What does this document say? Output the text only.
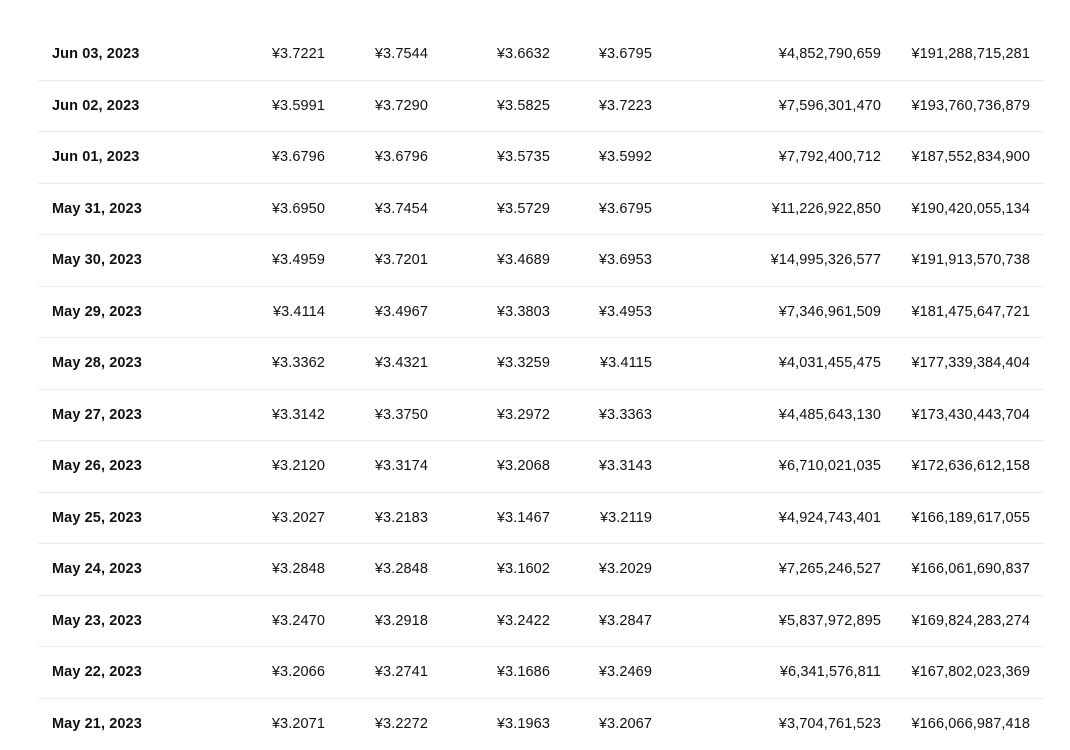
Jun 03, 2023	¥3.7221	¥3.7544	¥3.6632	¥3.6795	¥4,852,790,659 ¥191,288,715,281
Jun 02, 2023	¥3.5991	¥3.7290	¥3.5825	¥3.7223	¥7,596,301,470 ¥193,760,736,879
Jun 01, 2023	¥3.6796	¥3.6796	¥3.5735	¥3.5992	¥7,792,400,712 ¥187,552,834,900
May 31, 2023	¥3.6950	¥3.7454	¥3.5729	¥3.6795	¥11,226,922,850 ¥190,420,055,134
May 30, 2023	¥3.4959	¥3.7201	¥3.4689	¥3.6953	¥14,995,326,577 ¥191,913,570,738
May 29, 2023	¥3.4114	¥3.4967	¥3.3803	¥3.4953	¥7,346,961,509 ¥181,475,647,721
May 28, 2023	¥3.3362	¥3.4321	¥3.3259	¥3.4115	¥4,031,455,475 ¥177,339,384,404
May 27, 2023	¥3.3142	¥3.3750	¥3.2972	¥3.3363	¥4,485,643,130 ¥173,430,443,704
May 26, 2023	¥3.2120	¥3.3174	¥3.2068	¥3.3143	¥6,710,021,035 ¥172,636,612,158
May 25, 2023	¥3.2027	¥3.2183	¥3.1467	¥3.2119	¥4,924,743,401 ¥166,189,617,055
May 24, 2023	¥3.2848	¥3.2848	¥3.1602	¥3.2029	¥7,265,246,527 ¥166,061,690,837
May 23, 2023	¥3.2470	¥3.2918	¥3.2422	¥3.2847	¥5,837,972,895 ¥169,824,283,274
May 22, 2023	¥3.2066	¥3.2741	¥3.1686	¥3.2469	¥6,341,576,811 ¥167,802,023,369
May 21, 2023	¥3.2071	¥3.2272	¥3.1963	¥3.2067	¥3,704,761,523 ¥166,066,987,418
